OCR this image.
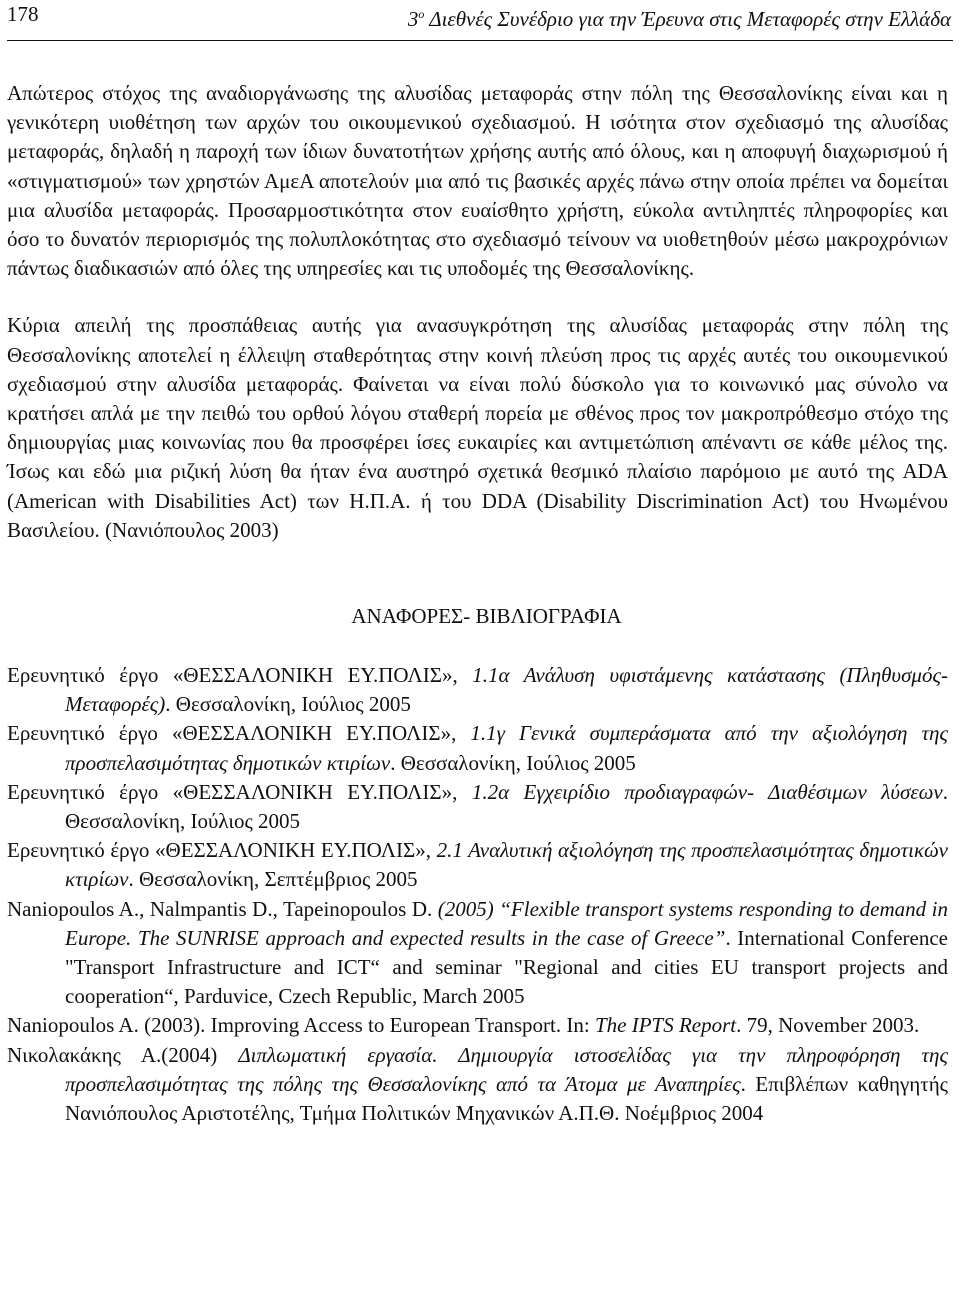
178	$3^o$ Διεθνές Συνέδριο για την Έρευνα στις Μεταφορές στην Ελλάδα

Απώτερος στόχος της αναδιοργάνωσης της αλυσίδας μεταφοράς στην πόλη της Θεσσαλονίκης είναι και η γενικότερη υιοθέτηση των αρχών του οικουμενικού σχεδιασμού. Η ισότητα στον σχεδιασμό της αλυσίδας μεταφοράς, δηλαδή η παροχή των ίδιων δυνατοτήτων χρήσης αυτής από όλους, και η αποφυγή διαχωρισμού ή «στιγματισμού» των χρηστών ΑμεΑ αποτελούν μια από τις βασικές αρχές πάνω στην οποία πρέπει να δομείται μια αλυσίδα μεταφοράς. Προσαρμοστικότητα στον ευαίσθητο χρήστη, εύκολα αντιληπτές πληροφορίες και όσο το δυνατόν περιορισμός της πολυπλοκότητας στο σχεδιασμό τείνουν να υιοθετηθούν μέσω μακροχρόνιων πάντως διαδικασιών από όλες της υπηρεσίες και τις υποδομές της Θεσσαλονίκης.

Κύρια απειλή της προσπάθειας αυτής για ανασυγκρότηση της αλυσίδας μεταφοράς στην πόλη της Θεσσαλονίκης αποτελεί η έλλειψη σταθερότητας στην κοινή πλεύση προς τις αρχές αυτές του οικουμενικού σχεδιασμού στην αλυσίδα μεταφοράς. Φαίνεται να είναι πολύ δύσκολο για το κοινωνικό μας σύνολο να κρατήσει απλά με την πειθώ του ορθού λόγου σταθερή πορεία με σθένος προς τον μακροπρόθεσμο στόχο της δημιουργίας μιας κοινωνίας που θα προσφέρει ίσες ευκαιρίες και αντιμετώπιση απέναντι σε κάθε μέλος της. Ίσως και εδώ μια ριζική λύση θα ήταν ένα αυστηρό σχετικά θεσμικό πλαίσιο παρόμοιο με αυτό της ADA (American with Disabilities Act) των Η.Π.Α. ή του DDA (Disability Discrimination Act) του Ηνωμένου Βασιλείου. (Νανιόπουλος 2003)

ΑΝΑΦΟΡΕΣ- ΒΙΒΛΙΟΓΡΑΦΙΑ

Ερευνητικό έργο «ΘΕΣΣΑΛΟΝΙΚΗ ΕΥ.ΠΟΛΙΣ», 1.1α Ανάλυση υφιστάμενης κατάστασης (Πληθυσμός- Μεταφορές). Θεσσαλονίκη, Ιούλιος 2005

Ερευνητικό έργο «ΘΕΣΣΑΛΟΝΙΚΗ ΕΥ.ΠΟΛΙΣ», 1.1γ Γενικά συμπεράσματα από την αξιολόγηση της προσπελασιμότητας δημοτικών κτιρίων. Θεσσαλονίκη, Ιούλιος 2005

Ερευνητικό έργο «ΘΕΣΣΑΛΟΝΙΚΗ ΕΥ.ΠΟΛΙΣ», 1.2α Εγχειρίδιο προδιαγραφών- Διαθέσιμων λύσεων. Θεσσαλονίκη, Ιούλιος 2005

Ερευνητικό έργο «ΘΕΣΣΑΛΟΝΙΚΗ ΕΥ.ΠΟΛΙΣ», 2.1 Αναλυτική αξιολόγηση της προσπελασιμότητας δημοτικών κτιρίων. Θεσσαλονίκη, Σεπτέμβριος 2005

Naniopoulos A., Nalmpantis D., Tapeinopoulos D. (2005) “Flexible transport systems responding to demand in Europe. The SUNRISE approach and expected results in the case of Greece”. International Conference "Transport Infrastructure and ICT“ and seminar "Regional and cities EU transport projects and cooperation“, Parduvice, Czech Republic, March 2005

Naniopoulos A. (2003). Improving Access to European Transport. In: The IPTS Report. 79, November 2003.

Νικολακάκης Α.(2004) Διπλωματική εργασία. Δημιουργία ιστοσελίδας για την πληροφόρηση της προσπελασιμότητας της πόλης της Θεσσαλονίκης από τα Άτομα με Αναπηρίες. Επιβλέπων καθηγητής Νανιόπουλος Αριστοτέλης, Τμήμα Πολιτικών Μηχανικών Α.Π.Θ. Νοέμβριος 2004
